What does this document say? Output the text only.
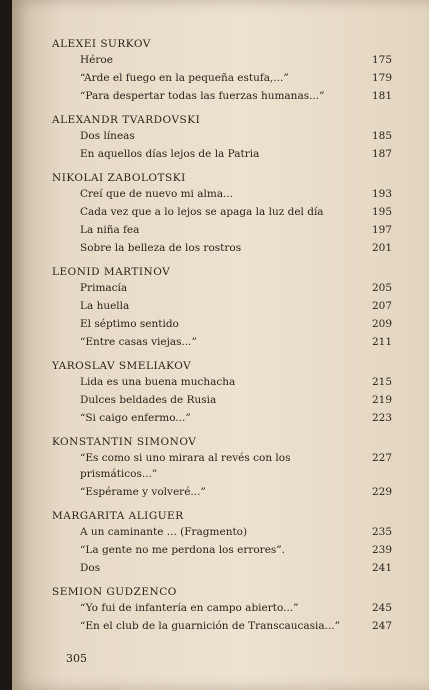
ALEXEI SURKOV
Héroe	175
“Arde el fuego en la pequeña estufa,...”	179
“Para despertar todas las fuerzas humanas...”	181
ALEXANDR TVARDOVSKI
Dos líneas	185
En aquellos días lejos de la Patria	187
NIKOLAI ZABOLOTSKI
Creí que de nuevo mi alma...	193
Cada vez que a lo lejos se apaga la luz del día	195
La niña fea	197
Sobre la belleza de los rostros	201
LEONID MARTINOV
Primacía	205
La huella	207
El séptimo sentido	209
“Entre casas viejas...”	211
YAROSLAV SMELIAKOV
Lida es una buena muchacha	215
Dulces beldades de Rusia	219
“Si caigo enfermo...”	223
KONSTANTIN SIMONOV
“Es como si uno mirara al revés con los prismáticos...”
227
“Espérame y volveré...”	229
MARGARITA ALIGUER
A un caminante ... (Fragmento)	235
“La gente no me perdona los errores”.	239
Dos	241
SEMION GUDZENCO
“Yo fui de infantería en campo abierto...”	245
“En el club de la guarnición de Transcaucasia...”	247
305
